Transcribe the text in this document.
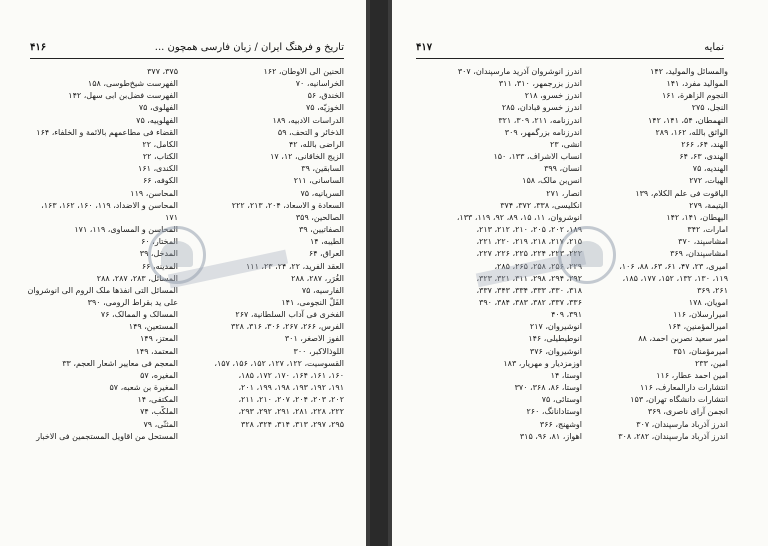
تاریخ و فرهنگ ایران / زبان فارسی همچون ...
۴۱۶
الحنین الی الاوطان، ۱۶۲
الخراسانیه، ۷۰
الخندق، ۵۶
الخوزیّه، ۷۵
الدراسات الادبیه، ۱۸۹
الذخائر و التحف، ۵۹
الراضی بالله، ۴۲
الزیج الخاقانی، ۱۲، ۱۷
السابقین، ۳۹
الساسانی، ۲۱۱
السریانیه، ۷۵
السعادة و الاسعاد، ۲۰۴، ۲۱۳، ۲۲۲
الصالحین، ۳۵۹
الصفاتیین، ۳۹
الطیبه، ۱۴
العراق، ۶۴
العقد الفرید، ۲۲، ۲۴، ۲۳، ۱۱۱
الغُرَر، ۲۸۷، ۲۸۸
الفارسیه، ۷۵
الفَلّ النجومی، ۱۴۱
الفخری فی آداب السلطانیة، ۲۶۷
الفرس، ۲۶۶، ۲۶۷، ۳۰۶، ۳۱۶، ۳۲۸
الفوز الاصغر، ۳۰۱
اللوذالاکبر، ۳۰۰
القسوسیت، ۱۲۲، ۱۲۷، ۱۵۲، ۱۵۶، ۱۵۷،
۱۶۰، ۱۶۱، ۱۶۴، ۱۷۰، ۱۷۲، ۱۸۵،
۱۹۱، ۱۹۲، ۱۹۳، ۱۹۸، ۱۹۹، ۲۰۱،
۲۰۲، ۲۰۳، ۲۰۴، ۲۰۷، ۲۱۰، ۲۱۱،
۲۲۲، ۲۲۸، ۲۸۱، ۲۹۱، ۲۹۲، ۲۹۳،
۲۹۵، ۲۹۷، ۳۱۳، ۳۱۴، ۳۲۴، ۳۲۸
۳۷۵، ۳۷۷
الفهرست شیخ‌طوسی، ۱۵۸
الفهرست فضل‌بن ابی سهل، ۱۴۲
الفهلوی، ۷۵
الفهلوییه، ۷۵
القضاء فی مطاعمهم بالائمة و الخلفاء، ۱۶۴
الکامل، ۲۲
الکتاب، ۲۲
الکندی، ۱۶۱
الکوفه، ۶۶
المحاسن، ۱۱۹
المحاسن و الاضداد، ۱۱۹، ۱۶۰، ۱۶۲، ۱۶۳،
۱۷۱
المحاسن و المساوی، ۱۱۹، ۱۷۱
المختار، ۶۰
المدخل، ۳۹
المدینه، ۶۶
المسائل، ۲۸۳، ۲۸۷، ۲۸۸
المسائل التی انفذها ملک الروم الی انوشروان
علی ید بقراط الرومی، ۳۹۰
المسالک و الممالک، ۷۶
المستعین، ۱۴۹
المعتز، ۱۴۹
المعتمد، ۱۴۹
المعجم فی معاییر اشعار العجم، ۳۳
المغیره، ۵۷
المغیرة بن شعبه، ۵۷
المکتفی، ۱۴
الملکّب، ۷۴
المثنّی، ۷۹
المستحل من اقاویل المستجمین فی الاخبار
نمایه
۴۱۷
والمسائل والمولید، ۱۴۲
الموالید مفرد، ۱۴۱
النجوم الزاهرة، ۱۶۱
النجل، ۲۷۵
النهمطان، ۵۴، ۱۴۱، ۱۴۲
الواثق بالله، ۱۶۲، ۲۸۹
الهند، ۶۴، ۲۶۶
الهندی، ۶۳، ۶۴
الهندیه، ۷۵
الهیات، ۲۷۲
الیاقوت فی علم الکلام، ۱۳۹
الیتیمة، ۲۷۹
الیهطان، ۱۴۱، ۱۴۲
امارات، ۳۴۲
امشاسپند، ۳۷۰
امشاسپندان، ۳۶۹
امیری، ۲۳، ۴۷، ۶۱، ۶۳، ۸۸، ۱۰۶،
۱۱۹، ۱۳۰، ۱۳۲، ۱۵۲، ۱۷۷، ۱۸۵،
۲۶۱، ۳۶۹
امویان، ۱۷۸
امیرارسلان، ۱۱۶
امیرالمؤمنین، ۱۶۴
امیر سعید نصربن احمد، ۸۸
امیرمؤمنان، ۳۵۱
امین، ۲۳۳
امین احمد عطار، ۱۱۶
انتشارات دارالمعارف، ۱۱۶
انتشارات دانشگاه تهران، ۱۵۳
انجمن آرای ناصری، ۳۶۹
اندرز آذرباد مارسپندان، ۳۰۷
اندرز آذرباد مارسپندان، ۲۸۲، ۳۰۸
اندرز انوشروان آذرید مارسپندان، ۳۰۷
اندرز بزرجمهر، ۳۱۰، ۳۱۱
اندرز خسرو، ۲۱۸
اندرز خسرو قبادان، ۲۸۵
اندرزنامه، ۲۱۱، ۳۰۹، ۳۲۱
اندرزنامه بزرگمهر، ۳۰۹
انشی، ۲۳
انساب الاشراف، ۱۳۳، ۱۵۰
انسان، ۳۹۹
انس‌بن مالک، ۱۵۸
انصار، ۲۷۱
انکلیسی، ۳۳۸، ۳۷۲، ۳۷۴
انوشروان، ۱۱، ۱۵، ۸۹، ۹۲، ۱۱۹، ۱۳۳،
۱۸۹، ۲۰۲، ۲۰۵، ۲۱۰، ۲۱۲، ۲۱۳،
۲۱۵، ۲۱۷، ۲۱۸، ۲۱۹، ۲۲۰، ۲۲۱،
۲۲۲، ۲۲۳، ۲۲۴، ۲۲۵، ۲۲۶، ۲۲۷،
۲۲۹، ۲۵۶، ۲۵۸، ۲۶۵، ۲۸۵،
۲۹۲، ۲۹۴، ۲۹۸، ۳۱۱، ۳۲۱، ۳۲۳،
۳۱۸، ۳۳۰، ۳۳۳، ۳۳۴، ۳۴۳، ۳۳۷،
۳۳۶، ۳۳۷، ۳۸۲، ۳۸۳، ۳۸۴، ۳۹۰
۳۹۱، ۴۰۹
انوشیروان، ۲۱۷
انوطیطیلی، ۱۴۶
انوشیروان، ۳۷۶
اوزمزدیار و مهریار، ۱۸۳
اوستا، ۱۴
اوستا، ۸۶، ۳۶۸، ۳۷۰
اوستائی، ۷۵
اوستادانانگ، ۲۶۰
اوشهنج، ۳۶۶
اهواز، ۸۱، ۹۶، ۳۱۵
